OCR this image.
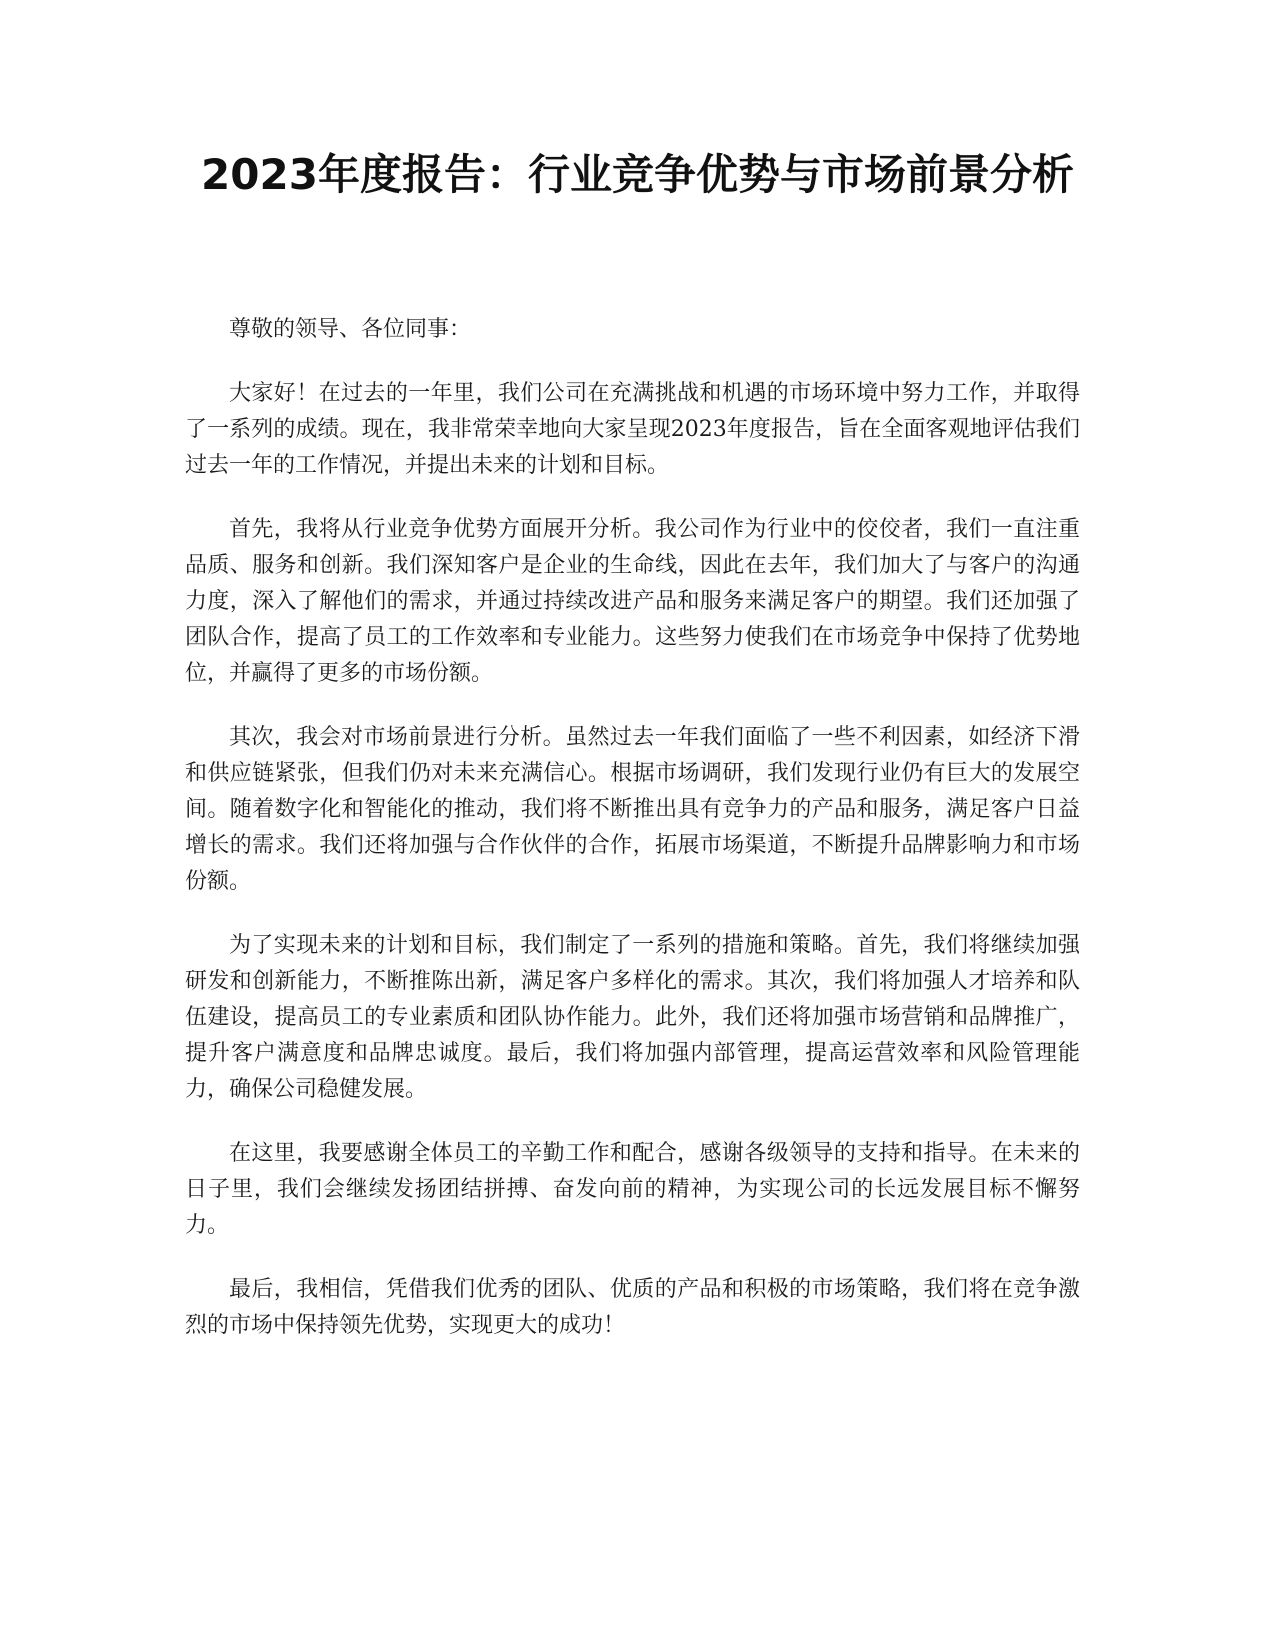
2023年度报告：行业竞争优势与市场前景分析

尊敬的领导、各位同事：

大家好！在过去的一年里，我们公司在充满挑战和机遇的市场环境中努力工作，并取得了一系列的成绩。现在，我非常荣幸地向大家呈现2023年度报告，旨在全面客观地评估我们过去一年的工作情况，并提出未来的计划和目标。

首先，我将从行业竞争优势方面展开分析。我公司作为行业中的佼佼者，我们一直注重品质、服务和创新。我们深知客户是企业的生命线，因此在去年，我们加大了与客户的沟通力度，深入了解他们的需求，并通过持续改进产品和服务来满足客户的期望。我们还加强了团队合作，提高了员工的工作效率和专业能力。这些努力使我们在市场竞争中保持了优势地位，并赢得了更多的市场份额。

其次，我会对市场前景进行分析。虽然过去一年我们面临了一些不利因素，如经济下滑和供应链紧张，但我们仍对未来充满信心。根据市场调研，我们发现行业仍有巨大的发展空间。随着数字化和智能化的推动，我们将不断推出具有竞争力的产品和服务，满足客户日益增长的需求。我们还将加强与合作伙伴的合作，拓展市场渠道，不断提升品牌影响力和市场份额。

为了实现未来的计划和目标，我们制定了一系列的措施和策略。首先，我们将继续加强研发和创新能力，不断推陈出新，满足客户多样化的需求。其次，我们将加强人才培养和队伍建设，提高员工的专业素质和团队协作能力。此外，我们还将加强市场营销和品牌推广，提升客户满意度和品牌忠诚度。最后，我们将加强内部管理，提高运营效率和风险管理能力，确保公司稳健发展。

在这里，我要感谢全体员工的辛勤工作和配合，感谢各级领导的支持和指导。在未来的日子里，我们会继续发扬团结拼搏、奋发向前的精神，为实现公司的长远发展目标不懈努力。

最后，我相信，凭借我们优秀的团队、优质的产品和积极的市场策略，我们将在竞争激烈的市场中保持领先优势，实现更大的成功！
